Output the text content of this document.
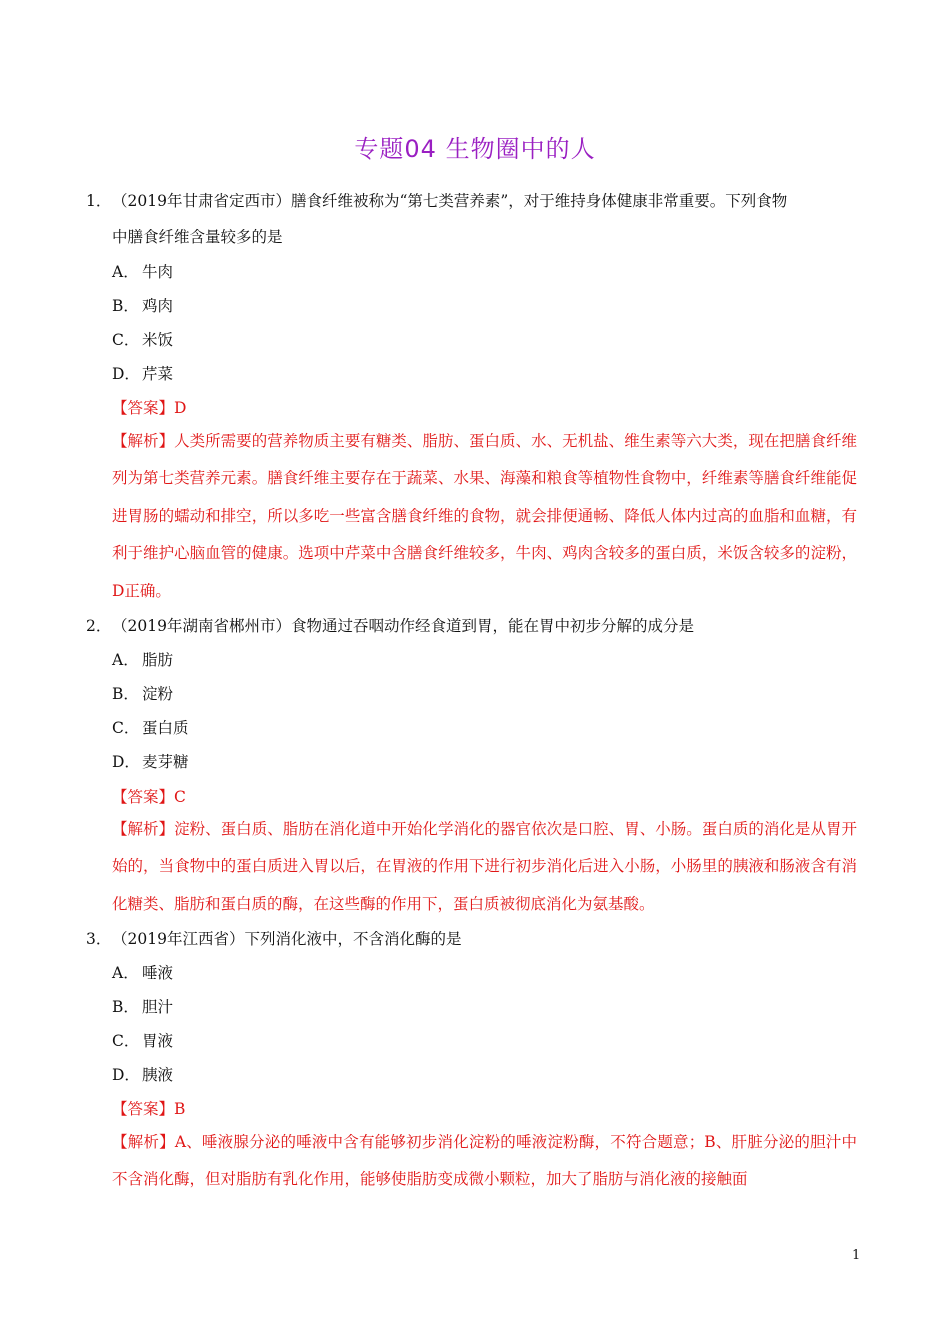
专题04 生物圈中的人
1．（2019年甘肃省定西市）膳食纤维被称为“第七类营养素”，对于维持身体健康非常重要。下列食物
中膳食纤维含量较多的是
A． 牛肉
B． 鸡肉
C． 米饭
D． 芹菜
【答案】D
【解析】人类所需要的营养物质主要有糖类、脂肪、蛋白质、水、无机盐、维生素等六大类，现在把膳食纤维列为第七类营养元素。膳食纤维主要存在于蔬菜、水果、海藻和粮食等植物性食物中，纤维素等膳食纤维能促进胃肠的蠕动和排空，所以多吃一些富含膳食纤维的食物，就会排便通畅、降低人体内过高的血脂和血糖，有利于维护心脑血管的健康。选项中芹菜中含膳食纤维较多，牛肉、鸡肉含较多的蛋白质，米饭含较多的淀粉，D正确。
2．（2019年湖南省郴州市）食物通过吞咽动作经食道到胃，能在胃中初步分解的成分是
A． 脂肪
B． 淀粉
C． 蛋白质
D． 麦芽糖
【答案】C
【解析】淀粉、蛋白质、脂肪在消化道中开始化学消化的器官依次是口腔、胃、小肠。蛋白质的消化是从胃开始的，当食物中的蛋白质进入胃以后，在胃液的作用下进行初步消化后进入小肠，小肠里的胰液和肠液含有消化糖类、脂肪和蛋白质的酶，在这些酶的作用下，蛋白质被彻底消化为氨基酸。
3．（2019年江西省）下列消化液中，不含消化酶的是
A． 唾液
B． 胆汁
C． 胃液
D． 胰液
【答案】B
【解析】A、唾液腺分泌的唾液中含有能够初步消化淀粉的唾液淀粉酶，不符合题意；B、肝脏分泌的胆汁中不含消化酶，但对脂肪有乳化作用，能够使脂肪变成微小颗粒，加大了脂肪与消化液的接触面
1
